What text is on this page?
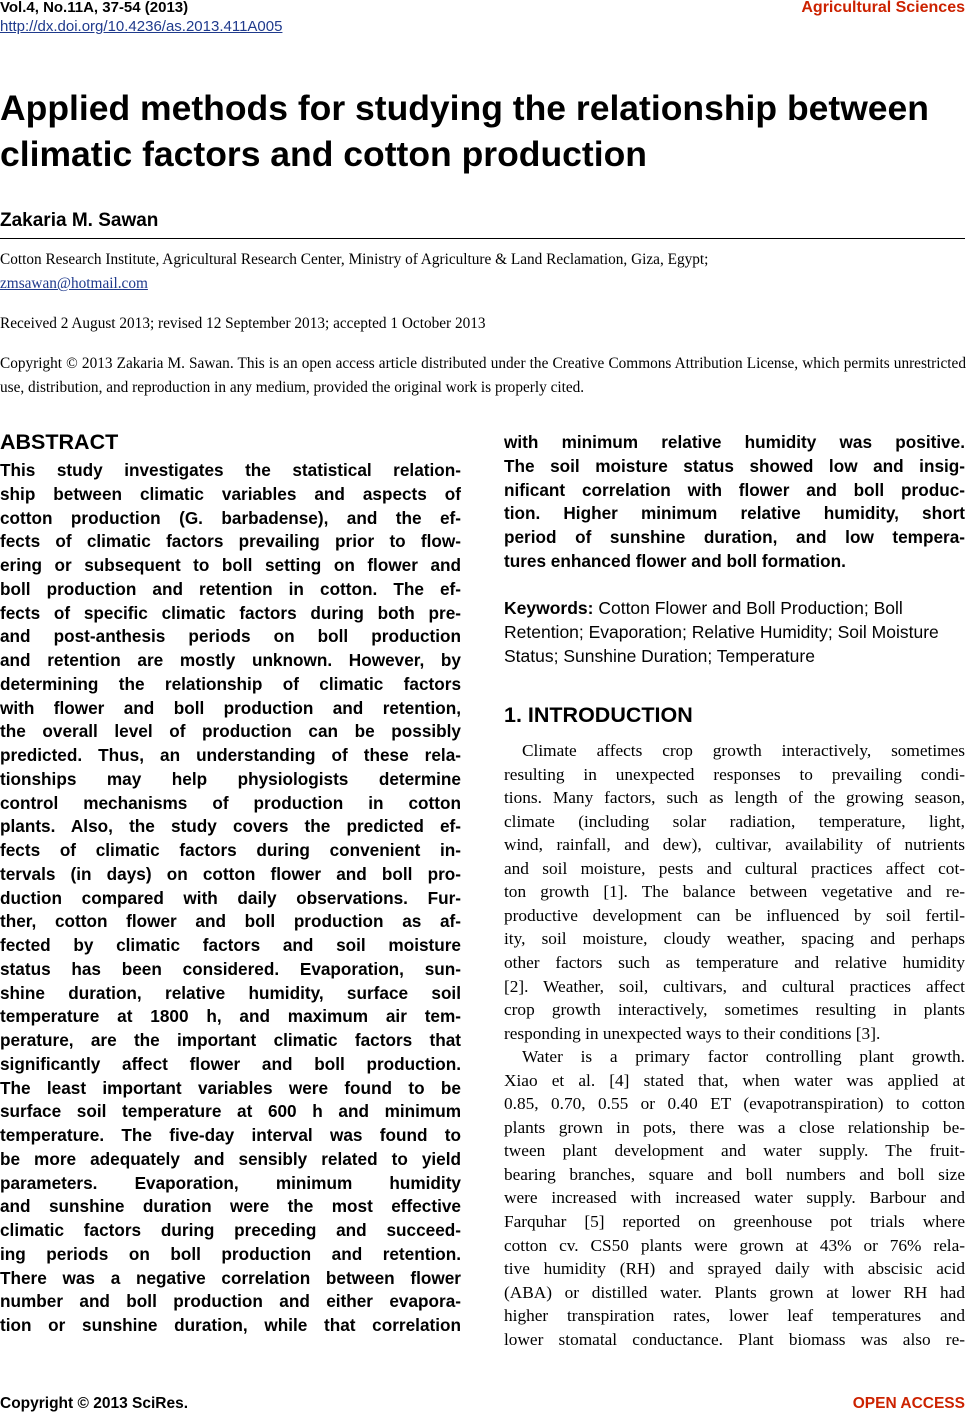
Vol.4, No.11A, 37-54 (2013)
http://dx.doi.org/10.4236/as.2013.411A005
Agricultural Sciences
Applied methods for studying the relationship between climatic factors and cotton production
Zakaria M. Sawan
Cotton Research Institute, Agricultural Research Center, Ministry of Agriculture & Land Reclamation, Giza, Egypt;
zmsawan@hotmail.com
Received 2 August 2013; revised 12 September 2013; accepted 1 October 2013
Copyright © 2013 Zakaria M. Sawan. This is an open access article distributed under the Creative Commons Attribution License, which permits unrestricted use, distribution, and reproduction in any medium, provided the original work is properly cited.
ABSTRACT
This study investigates the statistical relation-
ship between climatic variables and aspects of
cotton production (G. barbadense), and the ef-
fects of climatic factors prevailing prior to flow-
ering or subsequent to boll setting on flower and
boll production and retention in cotton. The ef-
fects of specific climatic factors during both pre-
and post-anthesis periods on boll production
and retention are mostly unknown. However, by
determining the relationship of climatic factors
with flower and boll production and retention,
the overall level of production can be possibly
predicted. Thus, an understanding of these rela-
tionships may help physiologists determine
control mechanisms of production in cotton
plants. Also, the study covers the predicted ef-
fects of climatic factors during convenient in-
tervals (in days) on cotton flower and boll pro-
duction compared with daily observations. Fur-
ther, cotton flower and boll production as af-
fected by climatic factors and soil moisture
status has been considered. Evaporation, sun-
shine duration, relative humidity, surface soil
temperature at 1800 h, and maximum air tem-
perature, are the important climatic factors that
significantly affect flower and boll production.
The least important variables were found to be
surface soil temperature at 600 h and minimum
temperature. The five-day interval was found to
be more adequately and sensibly related to yield
parameters. Evaporation, minimum humidity
and sunshine duration were the most effective
climatic factors during preceding and succeed-
ing periods on boll production and retention.
There was a negative correlation between flower
number and boll production and either evapora-
tion or sunshine duration, while that correlation
with minimum relative humidity was positive.
The soil moisture status showed low and insig-
nificant correlation with flower and boll produc-
tion. Higher minimum relative humidity, short
period of sunshine duration, and low tempera-
tures enhanced flower and boll formation.
Keywords: Cotton Flower and Boll Production; Boll Retention; Evaporation; Relative Humidity; Soil Moisture Status; Sunshine Duration; Temperature
1. INTRODUCTION
Climate affects crop growth interactively, sometimes
resulting in unexpected responses to prevailing condi-
tions. Many factors, such as length of the growing season,
climate (including solar radiation, temperature, light,
wind, rainfall, and dew), cultivar, availability of nutrients
and soil moisture, pests and cultural practices affect cot-
ton growth [1]. The balance between vegetative and re-
productive development can be influenced by soil fertil-
ity, soil moisture, cloudy weather, spacing and perhaps
other factors such as temperature and relative humidity
[2]. Weather, soil, cultivars, and cultural practices affect
crop growth interactively, sometimes resulting in plants
responding in unexpected ways to their conditions [3].
Water is a primary factor controlling plant growth.
Xiao et al. [4] stated that, when water was applied at
0.85, 0.70, 0.55 or 0.40 ET (evapotranspiration) to cotton
plants grown in pots, there was a close relationship be-
tween plant development and water supply. The fruit-
bearing branches, square and boll numbers and boll size
were increased with increased water supply. Barbour and
Farquhar [5] reported on greenhouse pot trials where
cotton cv. CS50 plants were grown at 43% or 76% rela-
tive humidity (RH) and sprayed daily with abscisic acid
(ABA) or distilled water. Plants grown at lower RH had
higher transpiration rates, lower leaf temperatures and
lower stomatal conductance. Plant biomass was also re-
Copyright © 2013 SciRes.	OPEN ACCESS
